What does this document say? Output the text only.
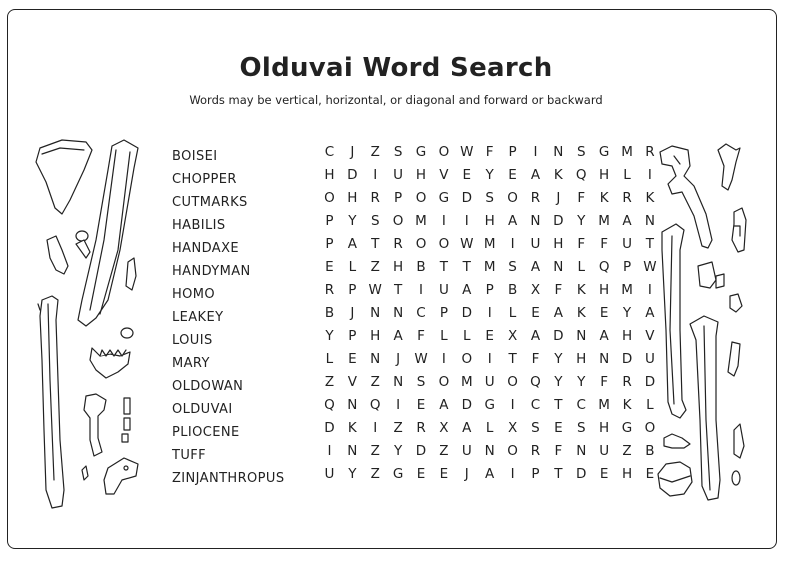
Olduvai Word Search
Words may be vertical, horizontal, or diagonal and forward or backward
BOISEI
CHOPPER
CUTMARKS
HABILIS
HANDAXE
HANDYMAN
HOMO
LEAKEY
LOUIS
MARY
OLDOWAN
OLDUVAI
PLIOCENE
TUFF
ZINJANTHROPUS
C	J	Z	S	G	O	W	F	P	I	N	S	G	M	R
H	D	I	U	H	V	E	Y	E	A	K	Q	H	L	I
O	H	R	P	O	G	D	S	O	R	J	F	K	R	K
P	Y	S	O	M	I	I	H	A	N	D	Y	M	A	N
P	A	T	R	O	O	W	M	I	U	H	F	F	U	T
E	L	Z	H	B	T	T	M	S	A	N	L	Q	P	W
R	P	W	T	I	U	A	P	B	X	F	K	H	M	I
B	J	N	N	C	P	D	I	L	E	A	K	E	Y	A
Y	P	H	A	F	L	L	E	X	A	D	N	A	H	V
L	E	N	J	W	I	O	I	T	F	Y	H	N	D	U
Z	V	Z	N	S	O	M	U	O	Q	Y	Y	F	R	D
Q	N	Q	I	E	A	D	G	I	C	T	C	M	K	L
D	K	I	Z	R	X	A	L	X	S	E	S	H	G	O
I	N	Z	Y	D	Z	U	N	O	R	F	N	U	Z	B
U	Y	Z	G	E	E	J	A	I	P	T	D	E	H	E
